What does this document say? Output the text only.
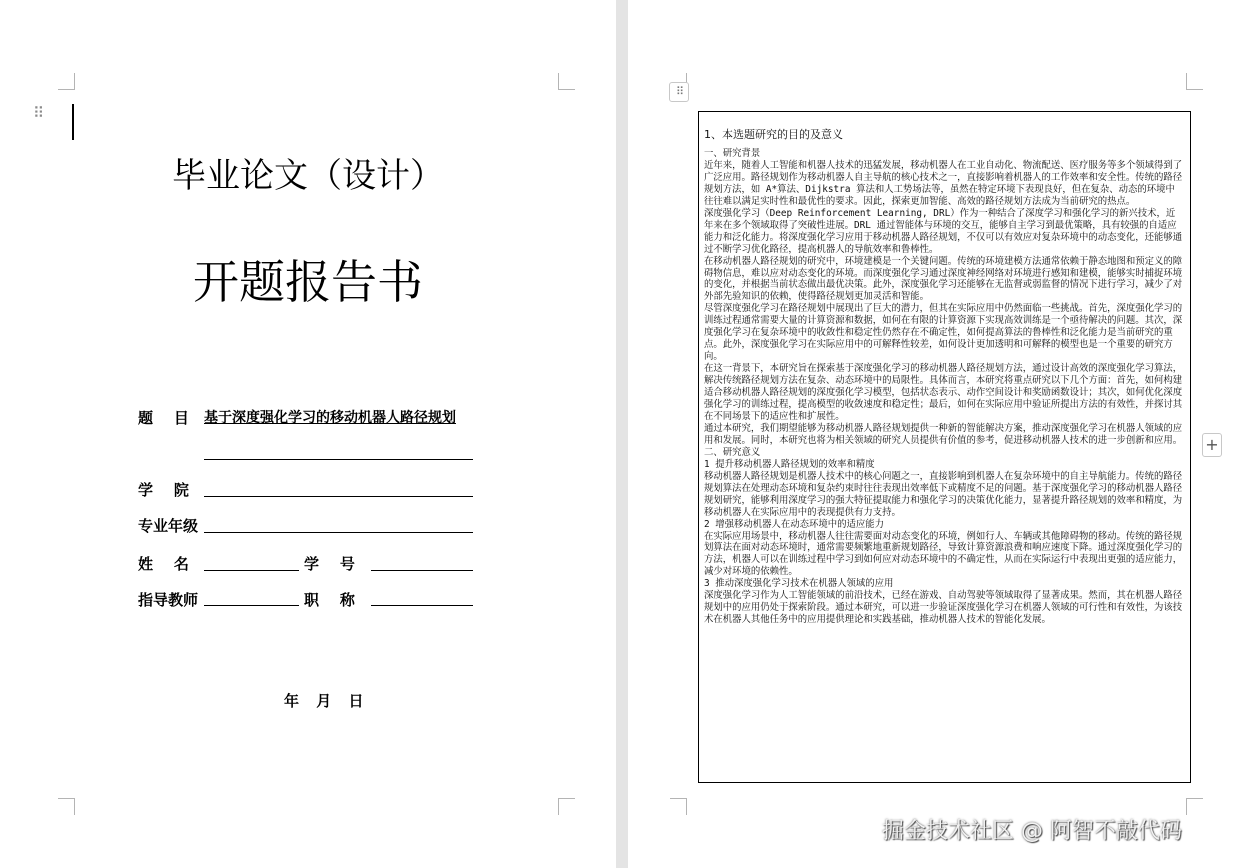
⠿
毕业论文（设计）
开题报告书
题    目 基于深度强化学习的移动机器人路径规划
学    院
专业年级
姓    名	学    号
指导教师	职    称
年 月 日
⠿

1、本选题研究的目的及意义

一、研究背景

近年来，随着人工智能和机器人技术的迅猛发展，移动机器人在工业自动化、物流配送、医疗服务等多个领域得到了广泛应用。路径规划作为移动机器人自主导航的核心技术之一，直接影响着机器人的工作效率和安全性。传统的路径规划方法，如 A*算法、Dijkstra 算法和人工势场法等，虽然在特定环境下表现良好，但在复杂、动态的环境中往往难以满足实时性和最优性的要求。因此，探索更加智能、高效的路径规划方法成为当前研究的热点。

深度强化学习（Deep Reinforcement Learning, DRL）作为一种结合了深度学习和强化学习的新兴技术，近年来在多个领域取得了突破性进展。DRL 通过智能体与环境的交互，能够自主学习到最优策略，具有较强的自适应能力和泛化能力。将深度强化学习应用于移动机器人路径规划，不仅可以有效应对复杂环境中的动态变化，还能够通过不断学习优化路径，提高机器人的导航效率和鲁棒性。

在移动机器人路径规划的研究中，环境建模是一个关键问题。传统的环境建模方法通常依赖于静态地图和预定义的障碍物信息，难以应对动态变化的环境。而深度强化学习通过深度神经网络对环境进行感知和建模，能够实时捕捉环境的变化，并根据当前状态做出最优决策。此外，深度强化学习还能够在无监督或弱监督的情况下进行学习，减少了对外部先验知识的依赖，使得路径规划更加灵活和智能。

尽管深度强化学习在路径规划中展现出了巨大的潜力，但其在实际应用中仍然面临一些挑战。首先，深度强化学习的训练过程通常需要大量的计算资源和数据，如何在有限的计算资源下实现高效训练是一个亟待解决的问题。其次，深度强化学习在复杂环境中的收敛性和稳定性仍然存在不确定性，如何提高算法的鲁棒性和泛化能力是当前研究的重点。此外，深度强化学习在实际应用中的可解释性较差，如何设计更加透明和可解释的模型也是一个重要的研究方向。

在这一背景下，本研究旨在探索基于深度强化学习的移动机器人路径规划方法，通过设计高效的深度强化学习算法，解决传统路径规划方法在复杂、动态环境中的局限性。具体而言，本研究将重点研究以下几个方面：首先，如何构建适合移动机器人路径规划的深度强化学习模型，包括状态表示、动作空间设计和奖励函数设计；其次，如何优化深度强化学习的训练过程，提高模型的收敛速度和稳定性；最后，如何在实际应用中验证所提出方法的有效性，并探讨其在不同场景下的适应性和扩展性。

通过本研究，我们期望能够为移动机器人路径规划提供一种新的智能解决方案，推动深度强化学习在机器人领域的应用和发展。同时，本研究也将为相关领域的研究人员提供有价值的参考，促进移动机器人技术的进一步创新和应用。

二、研究意义

1 提升移动机器人路径规划的效率和精度

移动机器人路径规划是机器人技术中的核心问题之一，直接影响到机器人在复杂环境中的自主导航能力。传统的路径规划算法在处理动态环境和复杂约束时往往表现出效率低下或精度不足的问题。基于深度强化学习的移动机器人路径规划研究，能够利用深度学习的强大特征提取能力和强化学习的决策优化能力，显著提升路径规划的效率和精度，为移动机器人在实际应用中的表现提供有力支持。

2 增强移动机器人在动态环境中的适应能力

在实际应用场景中，移动机器人往往需要面对动态变化的环境，例如行人、车辆或其他障碍物的移动。传统的路径规划算法在面对动态环境时，通常需要频繁地重新规划路径，导致计算资源浪费和响应速度下降。通过深度强化学习的方法，机器人可以在训练过程中学习到如何应对动态环境中的不确定性，从而在实际运行中表现出更强的适应能力，减少对环境的依赖性。

3 推动深度强化学习技术在机器人领域的应用

深度强化学习作为人工智能领域的前沿技术，已经在游戏、自动驾驶等领域取得了显著成果。然而，其在机器人路径规划中的应用仍处于探索阶段。通过本研究，可以进一步验证深度强化学习在机器人领域的可行性和有效性，为该技术在机器人其他任务中的应用提供理论和实践基础，推动机器人技术的智能化发展。

+
掘金技术社区 @ 阿智不敲代码
